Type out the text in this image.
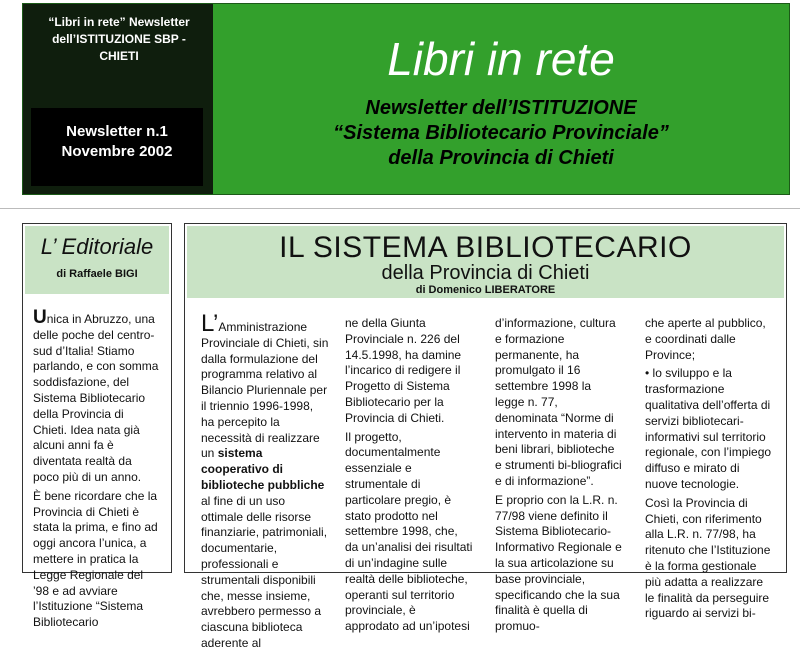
“Libri in rete” Newsletter dell’ISTITUZIONE SBP - CHIETI
Newsletter n.1
Novembre 2002
Libri in rete
Newsletter dell’ISTITUZIONE
“Sistema Bibliotecario Provinciale”
della Provincia di Chieti
L’ Editoriale
di Raffaele BIGI

Unica in Abruzzo, una delle poche del centro-sud d’Italia! Stiamo parlando, e con somma soddisfazione, del Sistema Bibliotecario della Provincia di Chieti. Idea nata già alcuni anni fa è diventata realtà da poco più di un anno.

È bene ricordare che la Provincia di Chieti è stata la prima, e fino ad oggi ancora l’unica, a mettere in pratica la Legge Regionale del ’98 e ad avviare l’Istituzione “Sistema Bibliotecario

IL SISTEMA BIBLIOTECARIO
della Provincia di Chieti
di Domenico LIBERATORE

L’Amministrazione Provinciale di Chieti, sin dalla formulazione del programma relativo al Bilancio Pluriennale per il triennio 1996-1998, ha percepito la necessità di realizzare un sistema cooperativo di biblioteche pubbliche al fine di un uso ottimale delle risorse finanziarie, patrimoniali, documentarie, professionali e strumentali disponibili che, messe insieme, avrebbero permesso a ciascuna biblioteca aderente al

ne della Giunta Provinciale n. 226 del 14.5.1998, ha damine l’incarico di redigere il Progetto di Sistema Bibliotecario per la Provincia di Chieti.

Il progetto, documentalmente essenziale e strumentale di particolare pregio, è stato prodotto nel settembre 1998, che, da un’analisi dei risultati di un’indagine sulle realtà delle biblioteche, operanti sul territorio provinciale, è approdato ad un’ipotesi

d’informazione, cultura e formazione permanente, ha promulgato il 16 settembre 1998 la legge n. 77, denominata “Norme di intervento in materia di beni librari, biblioteche e strumenti bi-bliografici e di informazione”.

E proprio con la L.R. n. 77/98 viene definito il Sistema Bibliotecario-Informativo Regionale e la sua articolazione su base provinciale, specificando che la sua finalità è quella di promuo-

che aperte al pubblico, e coordinati dalle Province;

• lo sviluppo e la trasformazione qualitativa dell’offerta di servizi bibliotecari-informativi sul territorio regionale, con l’impiego diffuso e mirato di nuove tecnologie.

Così la Provincia di Chieti, con riferimento alla L.R. n. 77/98, ha ritenuto che l’Istituzione è la forma gestionale più adatta a realizzare le finalità da perseguire riguardo ai servizi bi-
